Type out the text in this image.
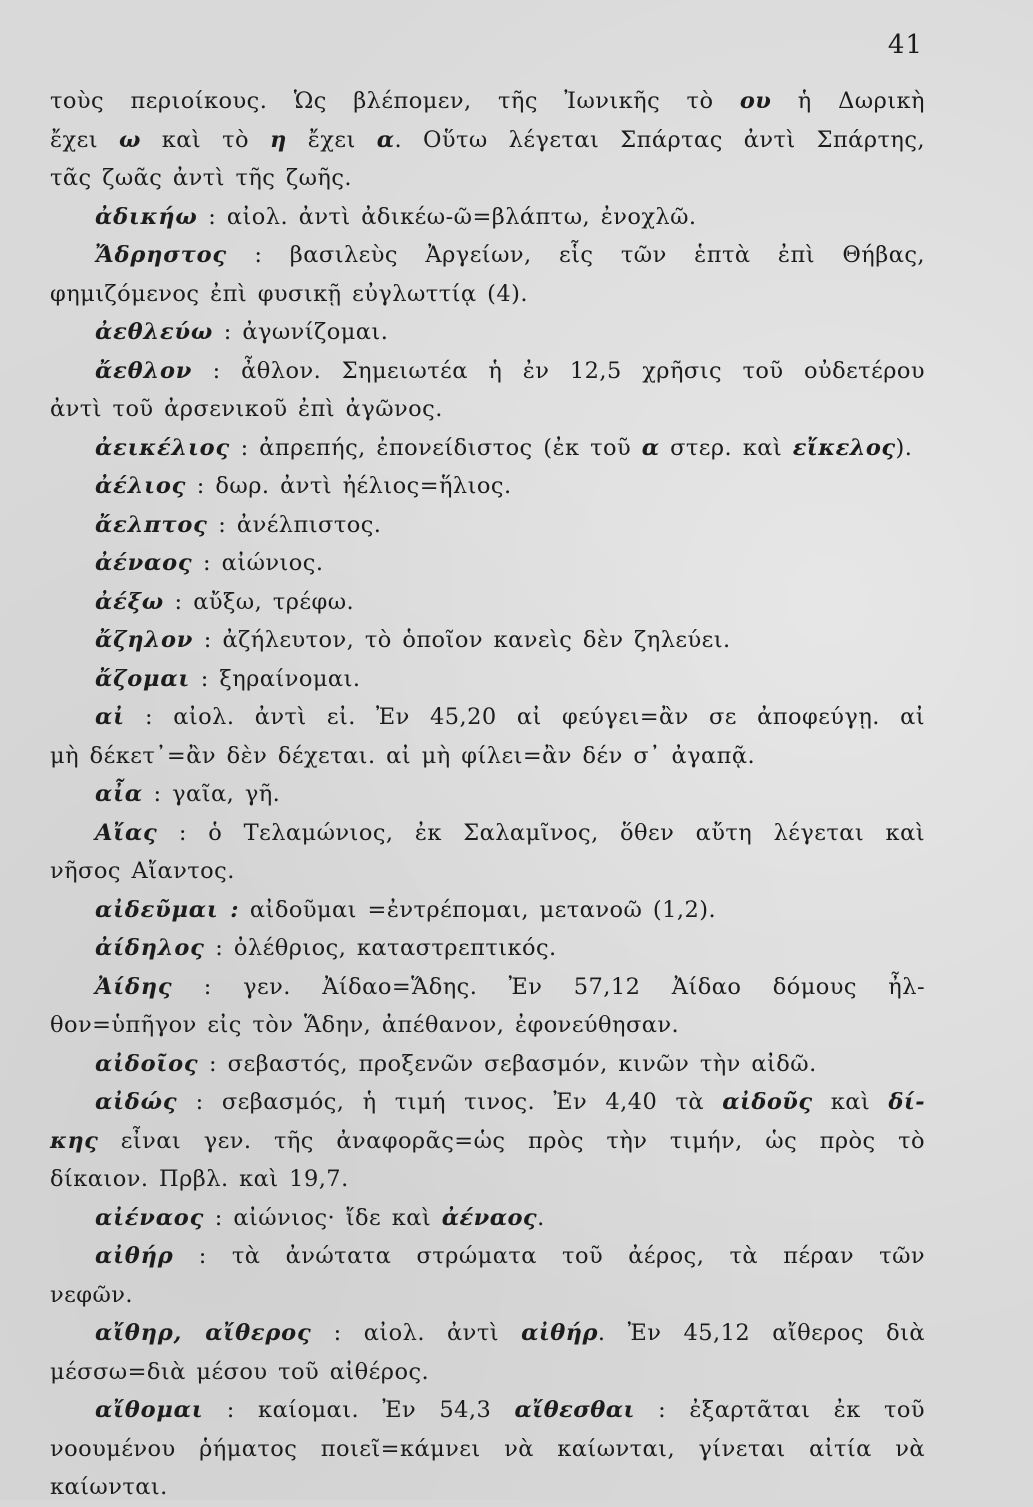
41
τοὺς περιοίκους. Ὡς βλέπομεν, τῆς Ἰωνικῆς τὸ ου ἡ Δωρικὴ
ἔχει ω καὶ τὸ η ἔχει α. Οὕτω λέγεται Σπάρτας ἀντὶ Σπάρτης,
τᾶς ζωᾶς ἀντὶ τῆς ζωῆς.
ἀδικήω : αἰολ. ἀντὶ ἀδικέω-ῶ=βλάπτω, ἐνοχλῶ.
Ἄδρηστος : βασιλεὺς Ἀργείων, εἷς τῶν ἑπτὰ ἐπὶ Θήβας,
φημιζόμενος ἐπὶ φυσικῇ εὐγλωττίᾳ (4).
ἀεθλεύω : ἀγωνίζομαι.
ἄεθλον : ἆθλον. Σημειωτέα ἡ ἐν 12,5 χρῆσις τοῦ οὐδετέρου
ἀντὶ τοῦ ἀρσενικοῦ ἐπὶ ἀγῶνος.
ἀεικέλιος : ἀπρεπής, ἐπονείδιστος (ἐκ τοῦ α στερ. καὶ εἴκελος).
ἀέλιος : δωρ. ἀντὶ ἠέλιος=ἥλιος.
ἄελπτος : ἀνέλπιστος.
ἀέναος : αἰώνιος.
ἀέξω : αὔξω, τρέφω.
ἄζηλον : ἀζήλευτον, τὸ ὁποῖον κανεὶς δὲν ζηλεύει.
ἄζομαι : ξηραίνομαι.
αἰ : αἰολ. ἀντὶ εἰ. Ἐν 45,20 αἰ φεύγει=ἂν σε ἀποφεύγῃ. αἰ
μὴ δέκετ᾽=ἂν δὲν δέχεται. αἰ μὴ φίλει=ἂν δέν σ᾽ ἀγαπᾷ.
αἶα : γαῖα, γῆ.
Αἴας : ὁ Τελαμώνιος, ἐκ Σαλαμῖνος, ὅθεν αὔτη λέγεται καὶ
νῆσος Αἴαντος.
αἰδεῦμαι : αἰδοῦμαι =ἐντρέπομαι, μετανοῶ (1,2).
ἀίδηλος : ὀλέθριος, καταστρεπτικός.
Ἀίδης : γεν. Ἀίδαο=Ἅδης. Ἐν 57,12 Ἀίδαο δόμους ἦλ-
θον=ὑπῆγον εἰς τὸν Ἅδην, ἀπέθανον, ἐφονεύθησαν.
αἰδοῖος : σεβαστός, προξενῶν σεβασμόν, κινῶν τὴν αἰδῶ.
αἰδώς : σεβασμός, ἡ τιμή τινος. Ἐν 4,40 τὰ αἰδοῦς καὶ δί-
κης εἶναι γεν. τῆς ἀναφορᾶς=ὡς πρὸς τὴν τιμήν, ὡς πρὸς τὸ
δίκαιον. Πρβλ. καὶ 19,7.
αἰέναος : αἰώνιος· ἴδε καὶ ἀέναος.
αἰθήρ : τὰ ἀνώτατα στρώματα τοῦ ἀέρος, τὰ πέραν τῶν
νεφῶν.
αἴθηρ, αἴθερος : αἰολ. ἀντὶ αἰθήρ. Ἐν 45,12 αἴθερος διὰ
μέσσω=διὰ μέσου τοῦ αἰθέρος.
αἴθομαι : καίομαι. Ἐν 54,3 αἴθεσθαι : ἐξαρτᾶται ἐκ τοῦ
νοουμένου ῥήματος ποιεῖ=κάμνει νὰ καίωνται, γίνεται αἰτία νὰ
καίωνται.
